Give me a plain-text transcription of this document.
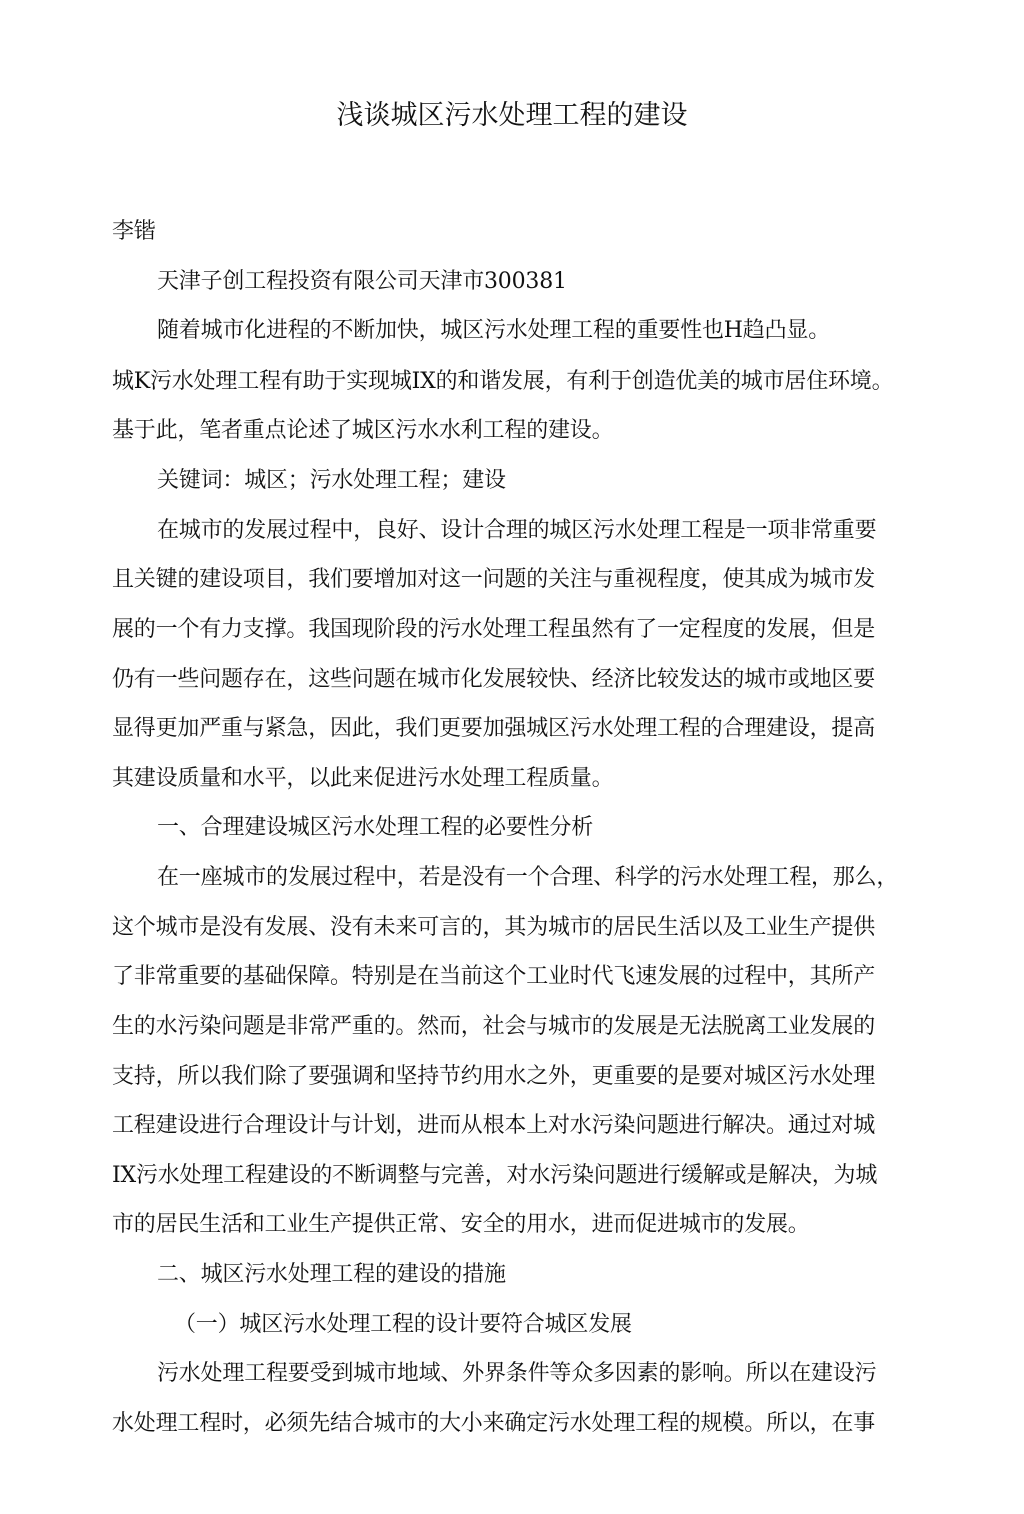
浅谈城区污水处理工程的建设
李锴
天津子创工程投资有限公司天津市300381
随着城市化进程的不断加快，城区污水处理工程的重要性也H趋凸显。
城K污水处理工程有助于实现城IX的和谐发展，有利于创造优美的城市居住环境。
基于此，笔者重点论述了城区污水水利工程的建设。
关键词：城区；污水处理工程；建设
在城市的发展过程中，良好、设计合理的城区污水处理工程是一项非常重要
且关键的建设项目，我们要增加对这一问题的关注与重视程度，使其成为城市发
展的一个有力支撑。我国现阶段的污水处理工程虽然有了一定程度的发展，但是
仍有一些问题存在，这些问题在城市化发展较快、经济比较发达的城市或地区要
显得更加严重与紧急，因此，我们更要加强城区污水处理工程的合理建设，提高
其建设质量和水平，以此来促进污水处理工程质量。
一、合理建设城区污水处理工程的必要性分析
在一座城市的发展过程中，若是没有一个合理、科学的污水处理工程，那么，
这个城市是没有发展、没有未来可言的，其为城市的居民生活以及工业生产提供
了非常重要的基础保障。特别是在当前这个工业时代飞速发展的过程中，其所产
生的水污染问题是非常严重的。然而，社会与城市的发展是无法脱离工业发展的
支持，所以我们除了要强调和坚持节约用水之外，更重要的是要对城区污水处理
工程建设进行合理设计与计划，进而从根本上对水污染问题进行解决。通过对城
IX污水处理工程建设的不断调整与完善，对水污染问题进行缓解或是解决，为城
市的居民生活和工业生产提供正常、安全的用水，进而促进城市的发展。
二、城区污水处理工程的建设的措施
（一）城区污水处理工程的设计要符合城区发展
污水处理工程要受到城市地域、外界条件等众多因素的影响。所以在建设污
水处理工程时，必须先结合城市的大小来确定污水处理工程的规模。所以，在事
